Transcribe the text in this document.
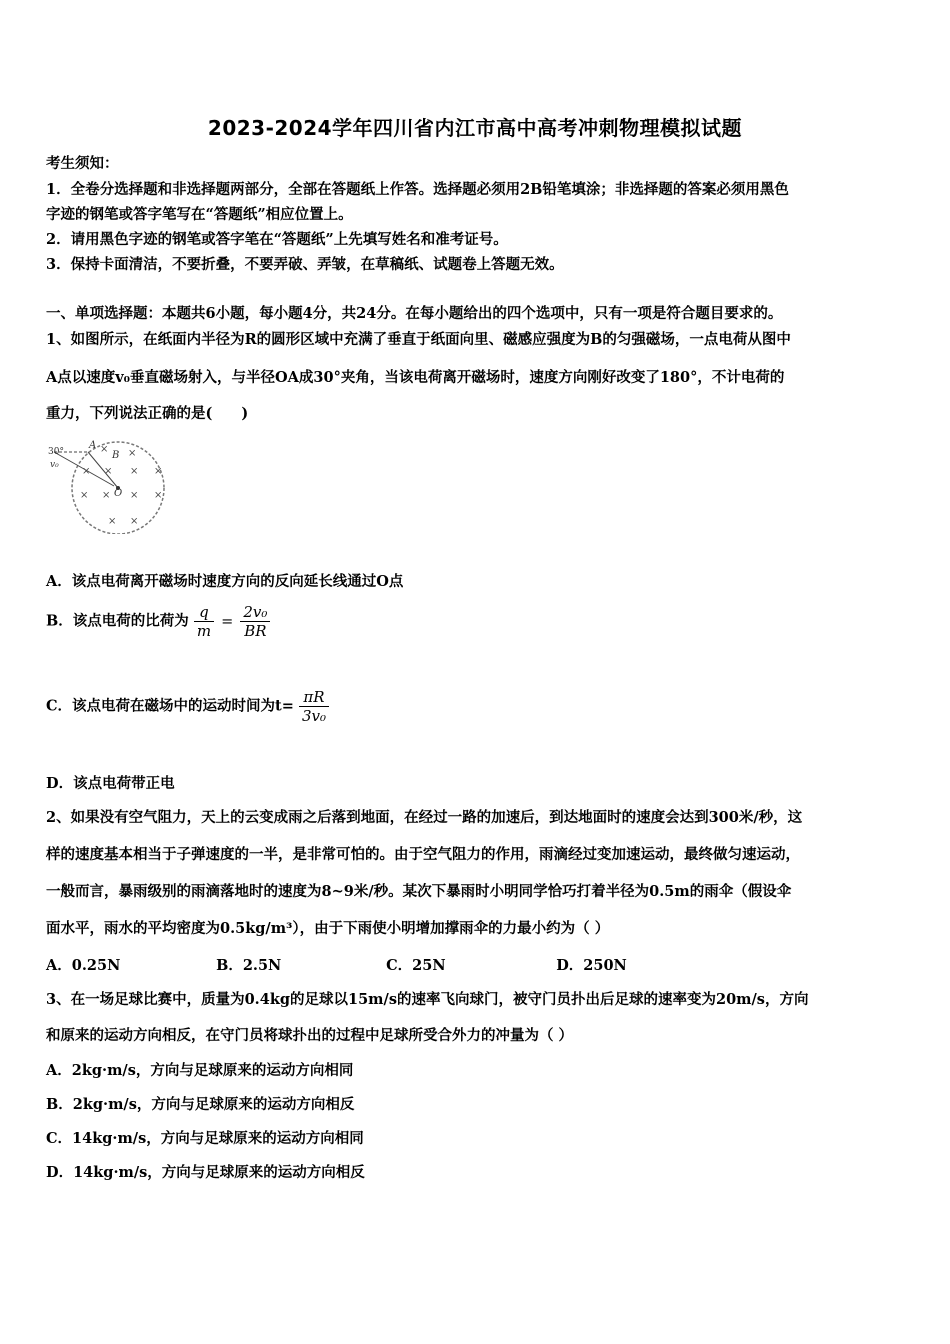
2023-2024学年四川省内江市高中高考冲刺物理模拟试题
考生须知：
1．全卷分选择题和非选择题两部分，全部在答题纸上作答。选择题必须用2B铅笔填涂；非选择题的答案必须用黑色
字迹的钢笔或答字笔写在“答题纸”相应位置上。
2．请用黑色字迹的钢笔或答字笔在“答题纸”上先填写姓名和准考证号。
3．保持卡面清洁，不要折叠，不要弄破、弄皱，在草稿纸、试题卷上答题无效。
一、单项选择题：本题共6小题，每小题4分，共24分。在每小题给出的四个选项中，只有一项是符合题目要求的。
1、如图所示，在纸面内半径为R的圆形区域中充满了垂直于纸面向里、磁感应强度为B的匀强磁场，一点电荷从图中
A点以速度v₀垂直磁场射入，与半径OA成30°夹角，当该电荷离开磁场时，速度方向刚好改变了180°，不计电荷的
重力，下列说法正确的是(　　)
30°
v₀
A
B
O
× ×
× × × ×
× × × ×
× ×
A．该点电荷离开磁场时速度方向的反向延长线通过O点
B．该点电荷的比荷为 $\frac{q}{m} = \frac{\text{2v₀}}{BR}$
C．该点电荷在磁场中的运动时间为$t= \frac{\pi R}{\text{3v₀}}$
D．该点电荷带正电
2、如果没有空气阻力，天上的云变成雨之后落到地面，在经过一路的加速后，到达地面时的速度会达到300米/秒，这
样的速度基本相当于子弹速度的一半，是非常可怕的。由于空气阻力的作用，雨滴经过变加速运动，最终做匀速运动，
一般而言，暴雨级别的雨滴落地时的速度为8~9米/秒。某次下暴雨时小明同学恰巧打着半径为0.5m的雨伞（假设伞
面水平，雨水的平均密度为0.5kg/m³），由于下雨使小明增加撑雨伞的力最小约为（ ）
A．0.25N	B．2.5N	C．25N	D．250N
3、在一场足球比赛中，质量为0.4kg的足球以15m/s的速率飞向球门，被守门员扑出后足球的速率变为20m/s，方向
和原来的运动方向相反，在守门员将球扑出的过程中足球所受合外力的冲量为（ ）
A．2kg·m/s，方向与足球原来的运动方向相同
B．2kg·m/s，方向与足球原来的运动方向相反
C．14kg·m/s，方向与足球原来的运动方向相同
D．14kg·m/s，方向与足球原来的运动方向相反
